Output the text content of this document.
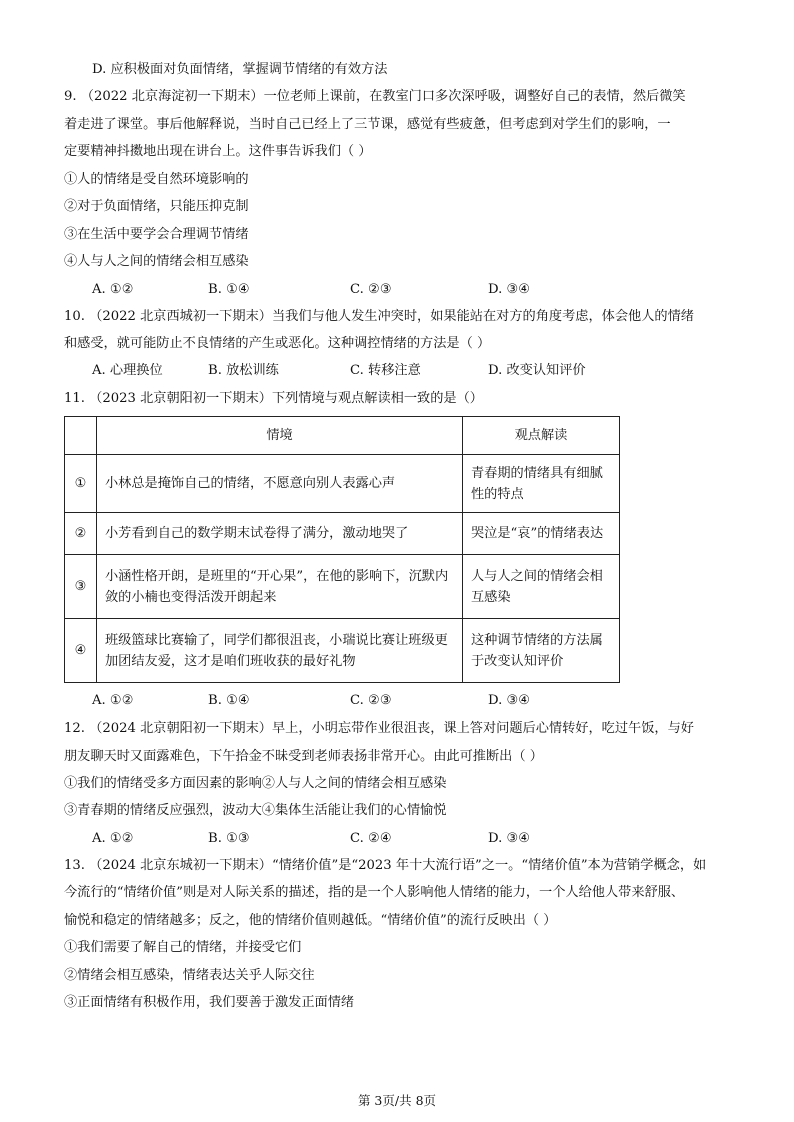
D. 应积极面对负面情绪，掌握调节情绪的有效方法
9. （2022 北京海淀初一下期末）一位老师上课前，在教室门口多次深呼吸，调整好自己的表情，然后微笑
着走进了课堂。事后他解释说，当时自己已经上了三节课，感觉有些疲惫，但考虑到对学生们的影响，一
定要精神抖擞地出现在讲台上。这件事告诉我们（ ）
①人的情绪是受自然环境影响的
②对于负面情绪，只能压抑克制
③在生活中要学会合理调节情绪
④人与人之间的情绪会相互感染
A. ①②	B. ①④	C. ②③	D. ③④
10. （2022 北京西城初一下期末）当我们与他人发生冲突时，如果能站在对方的角度考虑，体会他人的情绪
和感受，就可能防止不良情绪的产生或恶化。这种调控情绪的方法是（ ）
A. 心理换位	B. 放松训练	C. 转移注意	D. 改变认知评价
11. （2023 北京朝阳初一下期末）下列情境与观点解读相一致的是（）
	情境	观点解读
①	小林总是掩饰自己的情绪，不愿意向别人表露心声	青春期的情绪具有细腻性的特点
②	小芳看到自己的数学期末试卷得了满分，激动地哭了	哭泣是“哀”的情绪表达
③	小涵性格开朗，是班里的“开心果”，在他的影响下，沉默内敛的小楠也变得活泼开朗起来	人与人之间的情绪会相互感染
④	班级篮球比赛输了，同学们都很沮丧，小瑞说比赛让班级更加团结友爱，这才是咱们班收获的最好礼物	这种调节情绪的方法属于改变认知评价
A. ①②	B. ①④	C. ②③	D. ③④
12. （2024 北京朝阳初一下期末）早上，小明忘带作业很沮丧，课上答对问题后心情转好，吃过午饭，与好
朋友聊天时又面露难色，下午拾金不昧受到老师表扬非常开心。由此可推断出（ ）
①我们的情绪受多方面因素的影响②人与人之间的情绪会相互感染
③青春期的情绪反应强烈，波动大④集体生活能让我们的心情愉悦
A. ①②	B. ①③	C. ②④	D. ③④
13. （2024 北京东城初一下期末）“情绪价值”是“2023 年十大流行语”之一。“情绪价值”本为营销学概念，如
今流行的“情绪价值”则是对人际关系的描述，指的是一个人影响他人情绪的能力，一个人给他人带来舒服、
愉悦和稳定的情绪越多；反之，他的情绪价值则越低。“情绪价值”的流行反映出（ ）
①我们需要了解自己的情绪，并接受它们
②情绪会相互感染，情绪表达关乎人际交往
③正面情绪有积极作用，我们要善于激发正面情绪
第 3页/共 8页
